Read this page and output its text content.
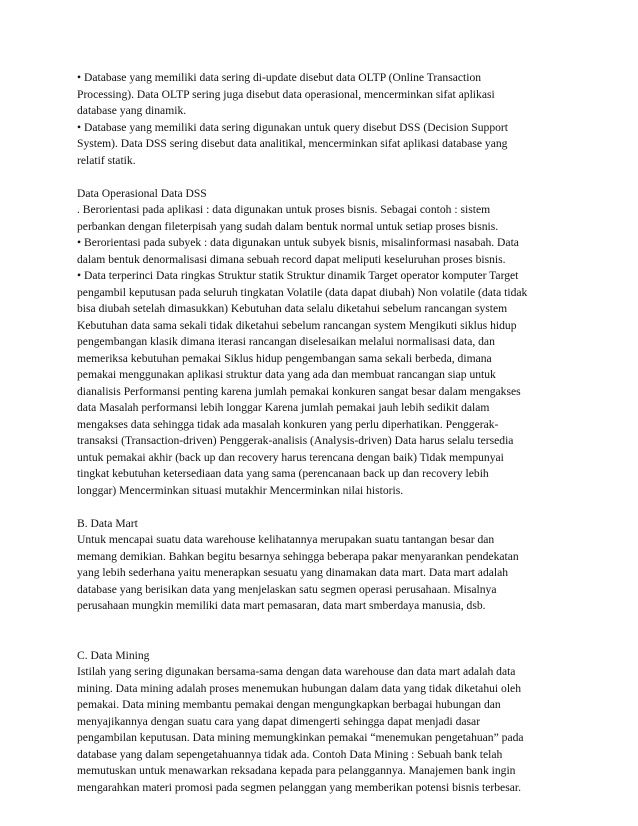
• Database yang memiliki data sering di-update disebut data OLTP (Online Transaction
Processing). Data OLTP sering juga disebut data operasional, mencerminkan sifat aplikasi
database yang dinamik.
• Database yang memiliki data sering digunakan untuk query disebut DSS (Decision Support
System). Data DSS sering disebut data analitikal, mencerminkan sifat aplikasi database yang
relatif statik.

Data Operasional Data DSS
. Berorientasi pada aplikasi : data digunakan untuk proses bisnis. Sebagai contoh : sistem
perbankan dengan fileterpisah yang sudah dalam bentuk normal untuk setiap proses bisnis.
• Berorientasi pada subyek : data digunakan untuk subyek bisnis, misalinformasi nasabah. Data
dalam bentuk denormalisasi dimana sebuah record dapat meliputi keseluruhan proses bisnis.
• Data terperinci Data ringkas Struktur statik Struktur dinamik Target operator komputer Target
pengambil keputusan pada seluruh tingkatan Volatile (data dapat diubah) Non volatile (data tidak
bisa diubah setelah dimasukkan) Kebutuhan data selalu diketahui sebelum rancangan system
Kebutuhan data sama sekali tidak diketahui sebelum rancangan system Mengikuti siklus hidup
pengembangan klasik dimana iterasi rancangan diselesaikan melalui normalisasi data, dan
memeriksa kebutuhan pemakai Siklus hidup pengembangan sama sekali berbeda, dimana
pemakai menggunakan aplikasi struktur data yang ada dan membuat rancangan siap untuk
dianalisis Performansi penting karena jumlah pemakai konkuren sangat besar dalam mengakses
data Masalah performansi lebih longgar Karena jumlah pemakai jauh lebih sedikit dalam
mengakses data sehingga tidak ada masalah konkuren yang perlu diperhatikan. Penggerak-
transaksi (Transaction-driven) Penggerak-analisis (Analysis-driven) Data harus selalu tersedia
untuk pemakai akhir (back up dan recovery harus terencana dengan baik) Tidak mempunyai
tingkat kebutuhan ketersediaan data yang sama (perencanaan back up dan recovery lebih
longgar) Mencerminkan situasi mutakhir Mencerminkan nilai historis.

B. Data Mart
Untuk mencapai suatu data warehouse kelihatannya merupakan suatu tantangan besar dan
memang demikian. Bahkan begitu besarnya sehingga beberapa pakar menyarankan pendekatan
yang lebih sederhana yaitu menerapkan sesuatu yang dinamakan data mart. Data mart adalah
database yang berisikan data yang menjelaskan satu segmen operasi perusahaan. Misalnya
perusahaan mungkin memiliki data mart pemasaran, data mart smberdaya manusia, dsb.

C. Data Mining
Istilah yang sering digunakan bersama-sama dengan data warehouse dan data mart adalah data
mining. Data mining adalah proses menemukan hubungan dalam data yang tidak diketahui oleh
pemakai. Data mining membantu pemakai dengan mengungkapkan berbagai hubungan dan
menyajikannya dengan suatu cara yang dapat dimengerti sehingga dapat menjadi dasar
pengambilan keputusan. Data mining memungkinkan pemakai “menemukan pengetahuan” pada
database yang dalam sepengetahuannya tidak ada. Contoh Data Mining : Sebuah bank telah
memutuskan untuk menawarkan reksadana kepada para pelanggannya. Manajemen bank ingin
mengarahkan materi promosi pada segmen pelanggan yang memberikan potensi bisnis terbesar.
